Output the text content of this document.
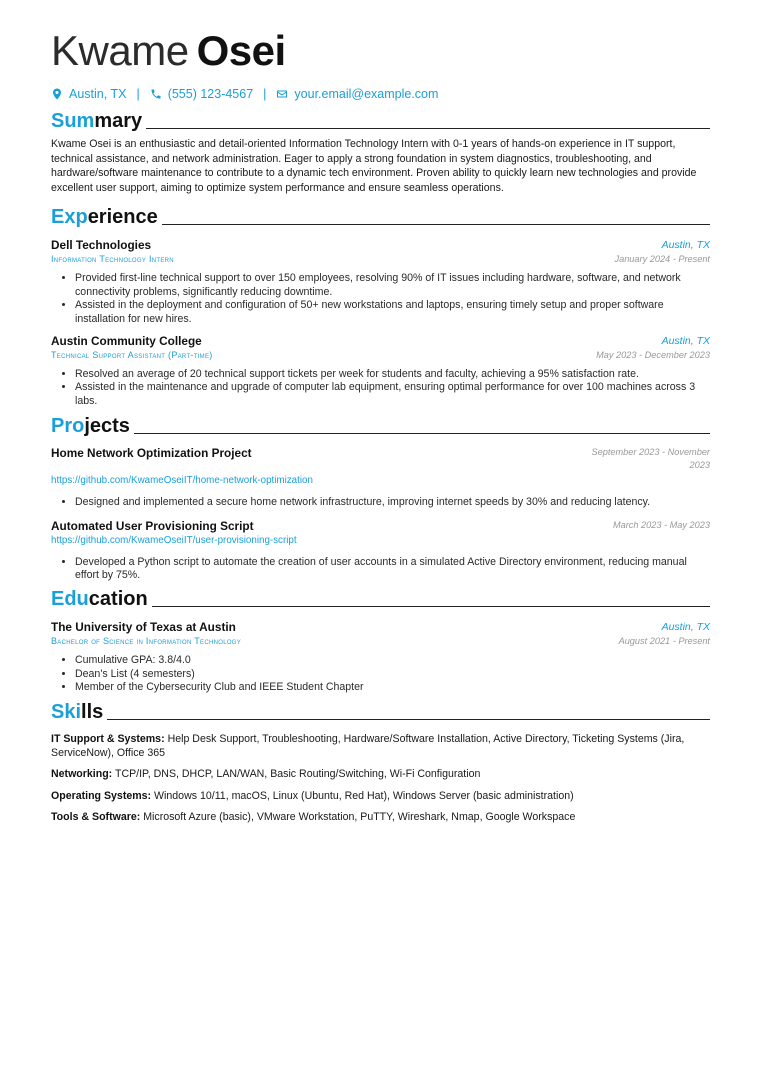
Kwame Osei
Austin, TX | (555) 123-4567 | your.email@example.com
Summary
Kwame Osei is an enthusiastic and detail-oriented Information Technology Intern with 0-1 years of hands-on experience in IT support, technical assistance, and network administration. Eager to apply a strong foundation in system diagnostics, troubleshooting, and hardware/software maintenance to contribute to a dynamic tech environment. Proven ability to quickly learn new technologies and provide excellent user support, aiming to optimize system performance and ensure seamless operations.
Experience
Dell Technologies	Austin, TX
Information Technology Intern	January 2024 - Present
• Provided first-line technical support to over 150 employees, resolving 90% of IT issues including hardware, software, and network connectivity problems, significantly reducing downtime.
• Assisted in the deployment and configuration of 50+ new workstations and laptops, ensuring timely setup and proper software installation for new hires.
Austin Community College	Austin, TX
Technical Support Assistant (Part-time)	May 2023 - December 2023
• Resolved an average of 20 technical support tickets per week for students and faculty, achieving a 95% satisfaction rate.
• Assisted in the maintenance and upgrade of computer lab equipment, ensuring optimal performance for over 100 machines across 3 labs.
Projects
Home Network Optimization Project	September 2023 - November
2023
https://github.com/KwameOseiIT/home-network-optimization
• Designed and implemented a secure home network infrastructure, improving internet speeds by 30% and reducing latency.
Automated User Provisioning Script	March 2023 - May 2023
https://github.com/KwameOseiIT/user-provisioning-script
• Developed a Python script to automate the creation of user accounts in a simulated Active Directory environment, reducing manual effort by 75%.
Education
The University of Texas at Austin	Austin, TX
Bachelor of Science in Information Technology	August 2021 - Present
• Cumulative GPA: 3.8/4.0
• Dean's List (4 semesters)
• Member of the Cybersecurity Club and IEEE Student Chapter
Skills
IT Support & Systems: Help Desk Support, Troubleshooting, Hardware/Software Installation, Active Directory, Ticketing Systems (Jira, ServiceNow), Office 365
Networking: TCP/IP, DNS, DHCP, LAN/WAN, Basic Routing/Switching, Wi-Fi Configuration
Operating Systems: Windows 10/11, macOS, Linux (Ubuntu, Red Hat), Windows Server (basic administration)
Tools & Software: Microsoft Azure (basic), VMware Workstation, PuTTY, Wireshark, Nmap, Google Workspace
